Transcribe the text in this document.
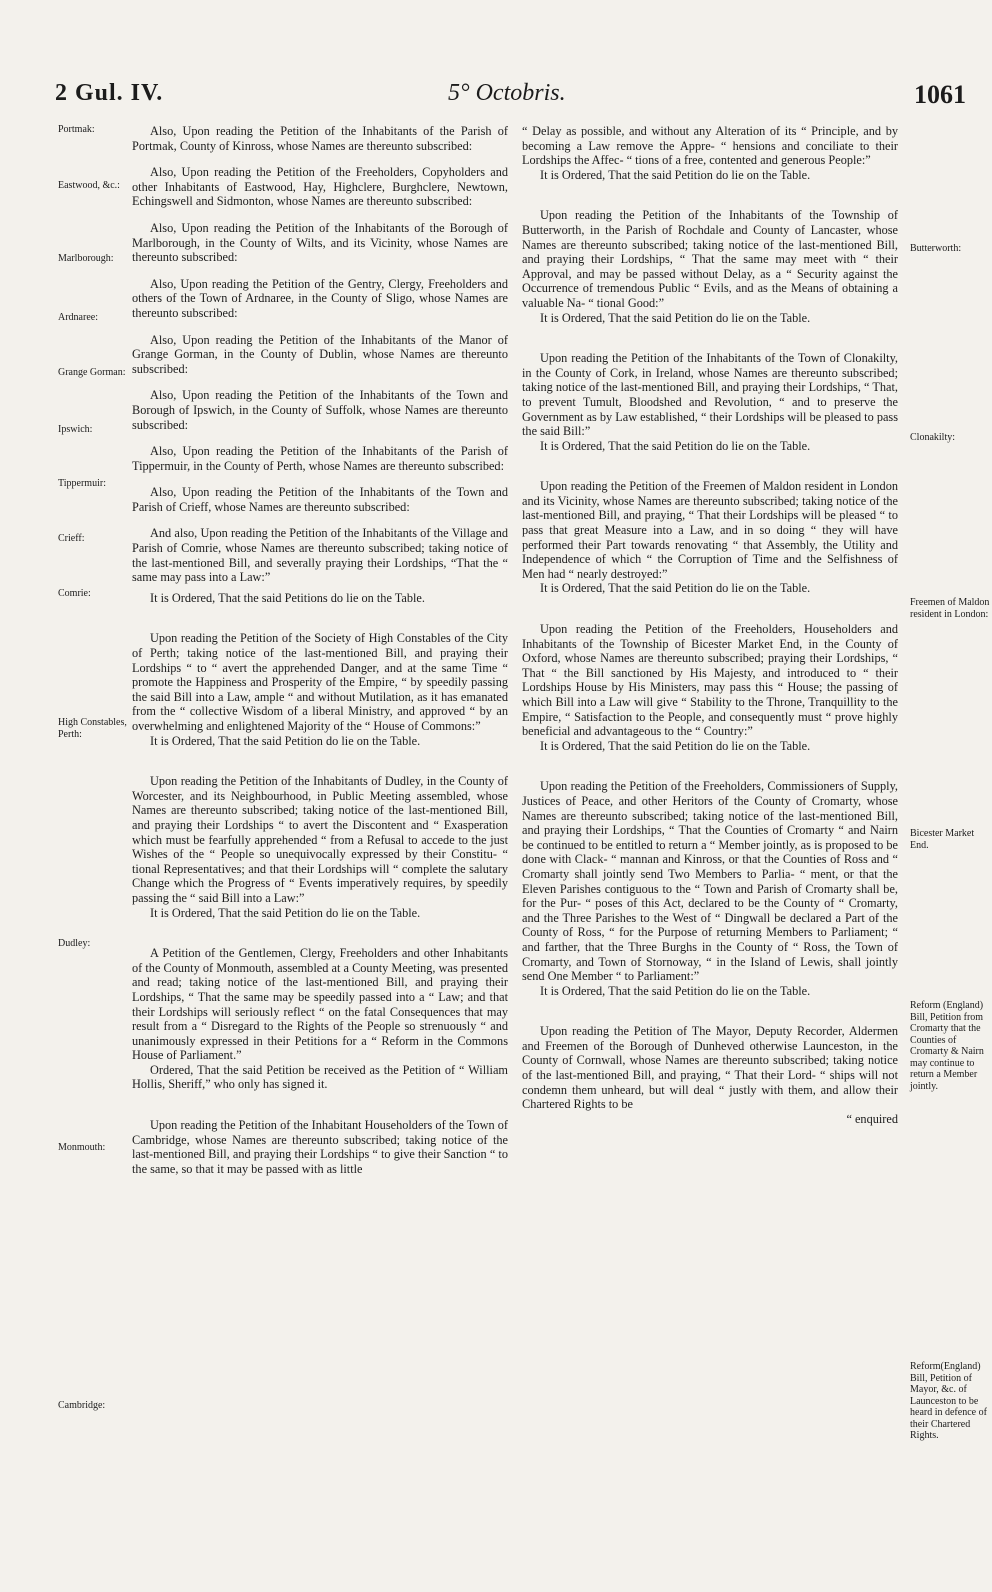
2 Gul. IV.	5° Octobris.	1061
Portmak:
Eastwood, &c.:
Marlborough:
Ardnaree:
Grange Gorman:
Ipswich:
Tippermuir:
Crieff:
Comrie:
High Constables, Perth:
Dudley:
Monmouth:
Cambridge:
Butterworth:
Clonakilty:
Freemen of Maldon resident in London:
Bicester Market End.
Reform (England) Bill, Petition from Cromarty that the Counties of Cromarty & Nairn may continue to return a Member jointly.
Reform(England) Bill, Petition of Mayor, &c. of Launceston to be heard in defence of their Chartered Rights.

Also, Upon reading the Petition of the Inhabitants of the Parish of Portmak, County of Kinross, whose Names are thereunto subscribed:

Also, Upon reading the Petition of the Freeholders, Copyholders and other Inhabitants of Eastwood, Hay, Highclere, Burghclere, Newtown, Echingswell and Sidmonton, whose Names are thereunto subscribed:

Also, Upon reading the Petition of the Inhabitants of the Borough of Marlborough, in the County of Wilts, and its Vicinity, whose Names are thereunto subscribed:

Also, Upon reading the Petition of the Gentry, Clergy, Freeholders and others of the Town of Ardnaree, in the County of Sligo, whose Names are thereunto subscribed:

Also, Upon reading the Petition of the Inhabitants of the Manor of Grange Gorman, in the County of Dublin, whose Names are thereunto subscribed:

Also, Upon reading the Petition of the Inhabitants of the Town and Borough of Ipswich, in the County of Suffolk, whose Names are thereunto subscribed:

Also, Upon reading the Petition of the Inhabitants of the Parish of Tippermuir, in the County of Perth, whose Names are thereunto subscribed:

Also, Upon reading the Petition of the Inhabitants of the Town and Parish of Crieff, whose Names are thereunto subscribed:

And also, Upon reading the Petition of the Inhabitants of the Village and Parish of Comrie, whose Names are thereunto subscribed; taking notice of the last-mentioned Bill, and severally praying their Lordships, “That the “ same may pass into a Law:”

It is Ordered, That the said Petitions do lie on the Table.

Upon reading the Petition of the Society of High Constables of the City of Perth; taking notice of the last-mentioned Bill, and praying their Lordships “ to “ avert the apprehended Danger, and at the same Time “ promote the Happiness and Prosperity of the Empire, “ by speedily passing the said Bill into a Law, ample “ and without Mutilation, as it has emanated from the “ collective Wisdom of a liberal Ministry, and approved “ by an overwhelming and enlightened Majority of the “ House of Commons:”

It is Ordered, That the said Petition do lie on the Table.

Upon reading the Petition of the Inhabitants of Dudley, in the County of Worcester, and its Neighbourhood, in Public Meeting assembled, whose Names are thereunto subscribed; taking notice of the last-mentioned Bill, and praying their Lordships “ to avert the Discontent and “ Exasperation which must be fearfully apprehended “ from a Refusal to accede to the just Wishes of the “ People so unequivocally expressed by their Constitu- “ tional Representatives; and that their Lordships will “ complete the salutary Change which the Progress of “ Events imperatively requires, by speedily passing the “ said Bill into a Law:”

It is Ordered, That the said Petition do lie on the Table.

A Petition of the Gentlemen, Clergy, Freeholders and other Inhabitants of the County of Monmouth, assembled at a County Meeting, was presented and read; taking notice of the last-mentioned Bill, and praying their Lordships, “ That the same may be speedily passed into a “ Law; and that their Lordships will seriously reflect “ on the fatal Consequences that may result from a “ Disregard to the Rights of the People so strenuously “ and unanimously expressed in their Petitions for a “ Reform in the Commons House of Parliament.”

Ordered, That the said Petition be received as the Petition of “ William Hollis, Sheriff,” who only has signed it.

Upon reading the Petition of the Inhabitant Householders of the Town of Cambridge, whose Names are thereunto subscribed; taking notice of the last-mentioned Bill, and praying their Lordships “ to give their Sanction “ to the same, so that it may be passed with as little

“ Delay as possible, and without any Alteration of its “ Principle, and by becoming a Law remove the Appre- “ hensions and conciliate to their Lordships the Affec- “ tions of a free, contented and generous People:”

It is Ordered, That the said Petition do lie on the Table.

Upon reading the Petition of the Inhabitants of the Township of Butterworth, in the Parish of Rochdale and County of Lancaster, whose Names are thereunto subscribed; taking notice of the last-mentioned Bill, and praying their Lordships, “ That the same may meet with “ their Approval, and may be passed without Delay, as a “ Security against the Occurrence of tremendous Public “ Evils, and as the Means of obtaining a valuable Na- “ tional Good:”

It is Ordered, That the said Petition do lie on the Table.

Upon reading the Petition of the Inhabitants of the Town of Clonakilty, in the County of Cork, in Ireland, whose Names are thereunto subscribed; taking notice of the last-mentioned Bill, and praying their Lordships, “ That, to prevent Tumult, Bloodshed and Revolution, “ and to preserve the Government as by Law established, “ their Lordships will be pleased to pass the said Bill:”

It is Ordered, That the said Petition do lie on the Table.

Upon reading the Petition of the Freemen of Maldon resident in London and its Vicinity, whose Names are thereunto subscribed; taking notice of the last-mentioned Bill, and praying, “ That their Lordships will be pleased “ to pass that great Measure into a Law, and in so doing “ they will have performed their Part towards renovating “ that Assembly, the Utility and Independence of which “ the Corruption of Time and the Selfishness of Men had “ nearly destroyed:”

It is Ordered, That the said Petition do lie on the Table.

Upon reading the Petition of the Freeholders, Householders and Inhabitants of the Township of Bicester Market End, in the County of Oxford, whose Names are thereunto subscribed; praying their Lordships, “ That “ the Bill sanctioned by His Majesty, and introduced to “ their Lordships House by His Ministers, may pass this “ House; the passing of which Bill into a Law will give “ Stability to the Throne, Tranquillity to the Empire, “ Satisfaction to the People, and consequently must “ prove highly beneficial and advantageous to the “ Country:”

It is Ordered, That the said Petition do lie on the Table.

Upon reading the Petition of the Freeholders, Commissioners of Supply, Justices of Peace, and other Heritors of the County of Cromarty, whose Names are thereunto subscribed; taking notice of the last-mentioned Bill, and praying their Lordships, “ That the Counties of Cromarty “ and Nairn be continued to be entitled to return a “ Member jointly, as is proposed to be done with Clack- “ mannan and Kinross, or that the Counties of Ross and “ Cromarty shall jointly send Two Members to Parlia- “ ment, or that the Eleven Parishes contiguous to the “ Town and Parish of Cromarty shall be, for the Pur- “ poses of this Act, declared to be the County of “ Cromarty, and the Three Parishes to the West of “ Dingwall be declared a Part of the County of Ross, “ for the Purpose of returning Members to Parliament; “ and farther, that the Three Burghs in the County of “ Ross, the Town of Cromarty, and Town of Stornoway, “ in the Island of Lewis, shall jointly send One Member “ to Parliament:”

It is Ordered, That the said Petition do lie on the Table.

Upon reading the Petition of The Mayor, Deputy Recorder, Aldermen and Freemen of the Borough of Dunheved otherwise Launceston, in the County of Cornwall, whose Names are thereunto subscribed; taking notice of the last-mentioned Bill, and praying, “ That their Lord- “ ships will not condemn them unheard, but will deal “ justly with them, and allow their Chartered Rights to be

“ enquired
